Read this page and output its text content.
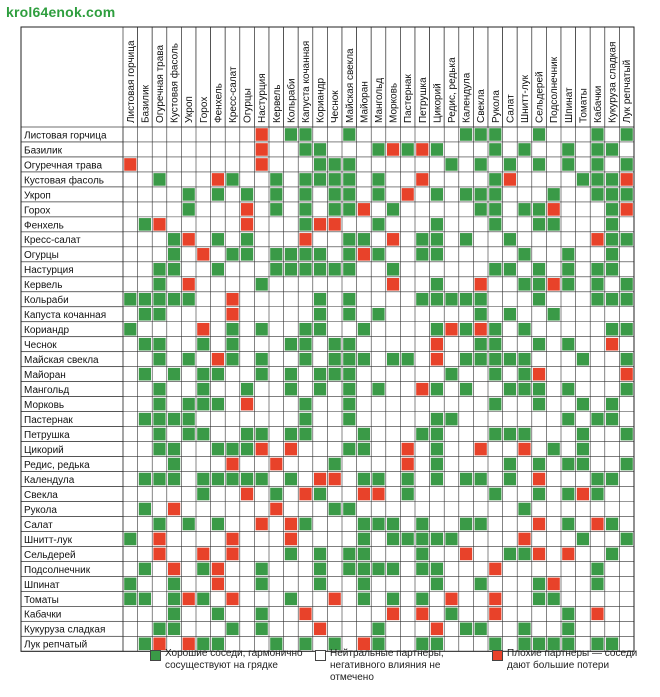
krol64enok.com
Листовая горчица Базилик Огуречная трава Кустовая фасоль Укроп Горох Фенхель Кресс-салат Огурцы Настурция Кервель Кольраби Капуста кочанная Кориандр Чеснок Майская свекла Майоран Мангольд Морковь Пастернак Петрушка Цикорий Редис, редька Календула Свекла Рукола Салат Шнитт-лук Сельдерей Подсолнечник Шпинат Томаты Кабачки Кукуруза сладкая Лук репчатый
Листовая горчица
Базилик
Огуречная трава
Кустовая фасоль
Укроп
Горох
Фенхель
Кресс-салат
Огурцы
Настурция
Кервель
Кольраби
Капуста кочанная
Кориандр
Чеснок
Майская свекла
Майоран
Мангольд
Морковь
Пастернак
Петрушка
Цикорий
Редис, редька
Календула
Свекла
Рукола
Салат
Шнитт-лук
Сельдерей
Подсолнечник
Шпинат
Томаты
Кабачки
Кукуруза сладкая
Лук репчатый
Хорошие соседи, гармонично сосуществуют на грядке
Нейтральные партнеры, негативного влияния не отмечено
Плохие партнеры — соседи дают большие потери
